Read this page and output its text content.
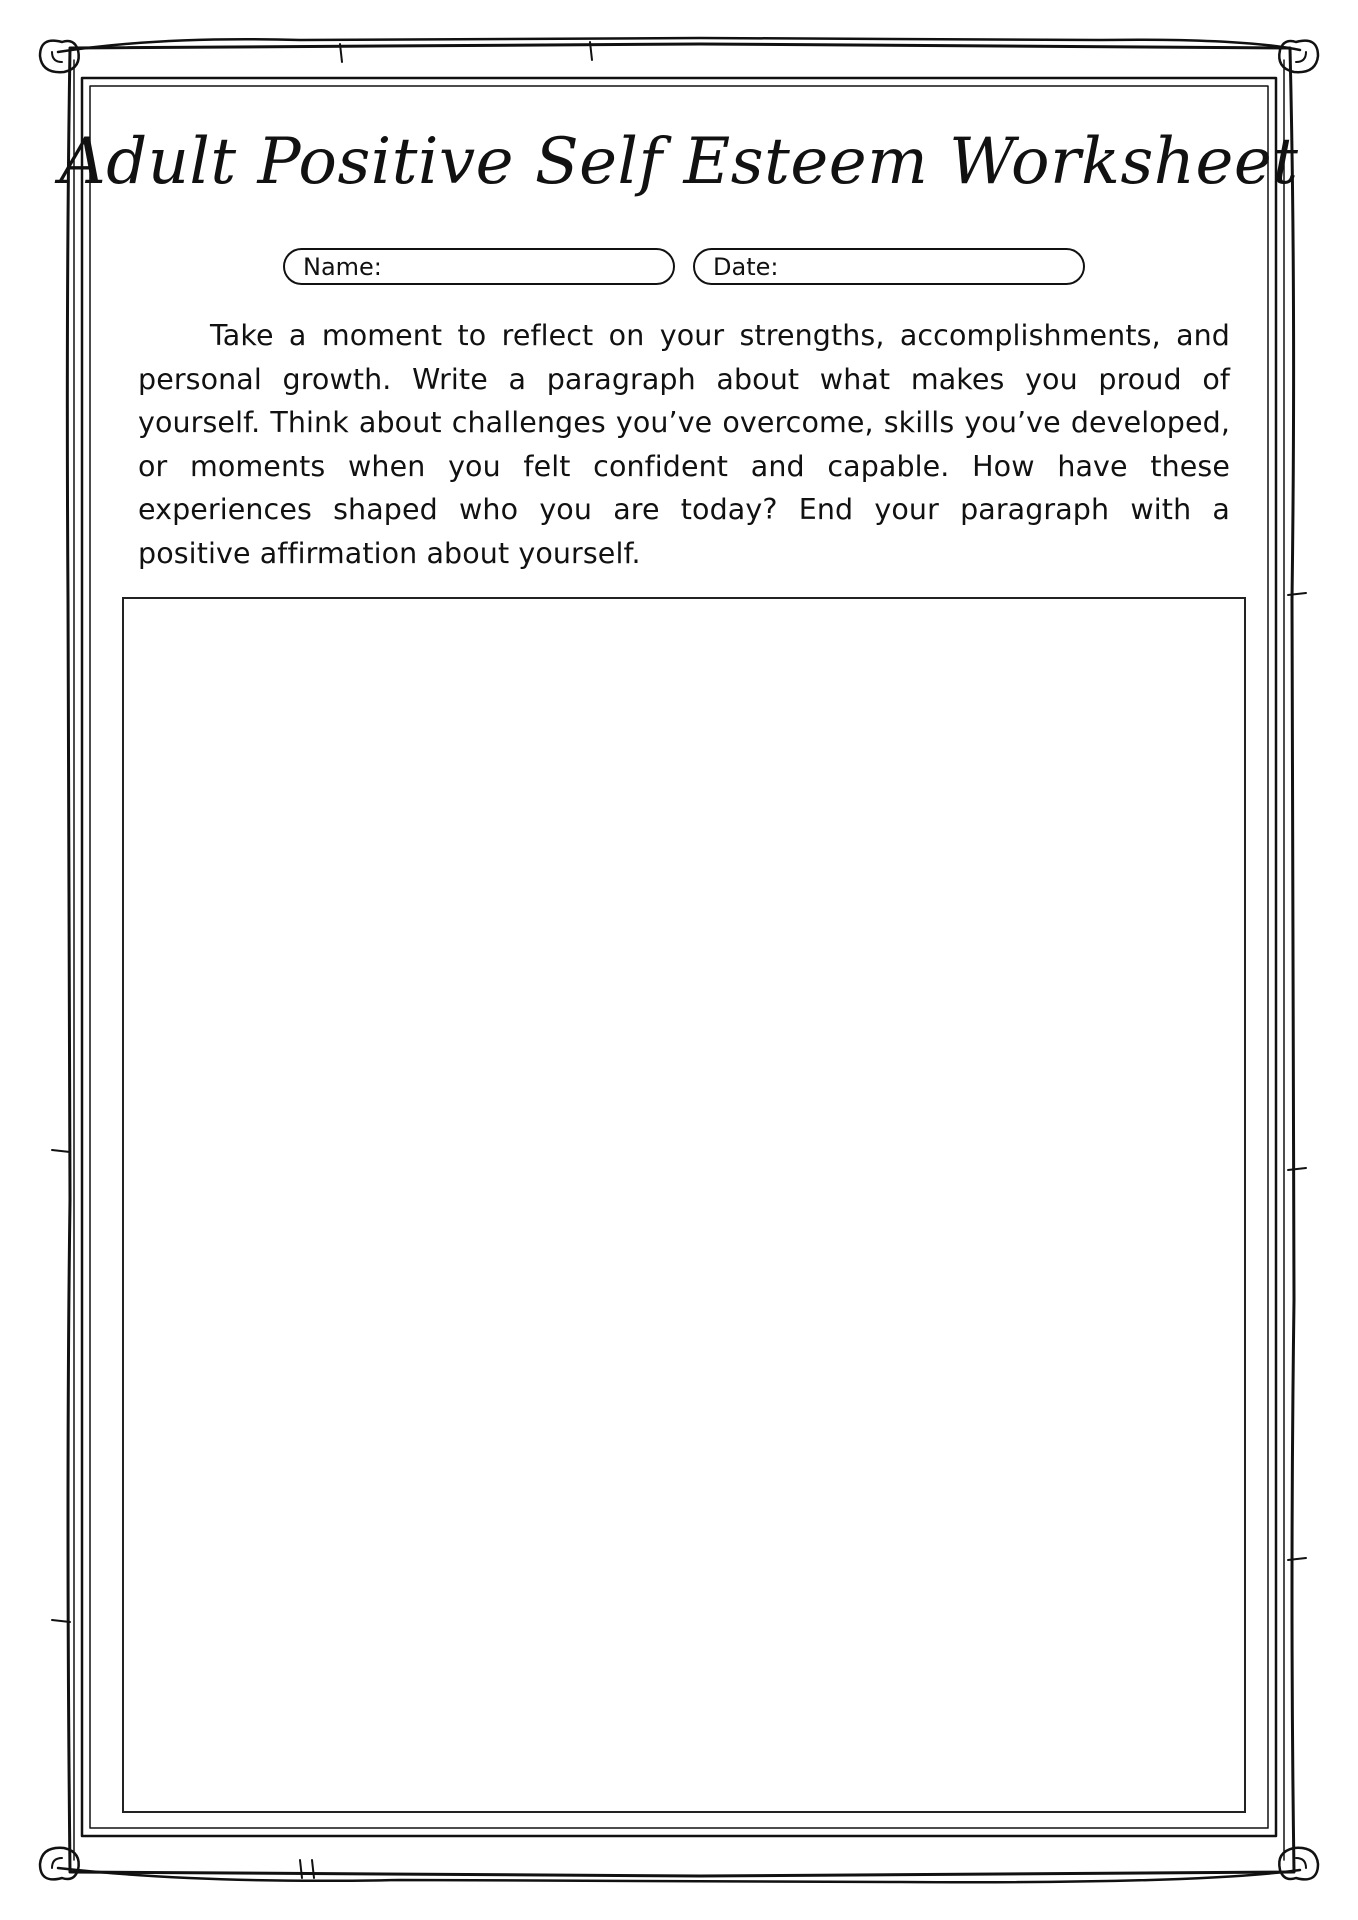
Adult Positive Self Esteem Worksheet
Name:	Date:
Take a moment to reflect on your strengths, accomplishments, and personal growth. Write a paragraph about what makes you proud of yourself. Think about challenges you’ve overcome, skills you’ve developed, or moments when you felt confident and capable. How have these experiences shaped who you are today? End your paragraph with a positive affirmation about yourself.
